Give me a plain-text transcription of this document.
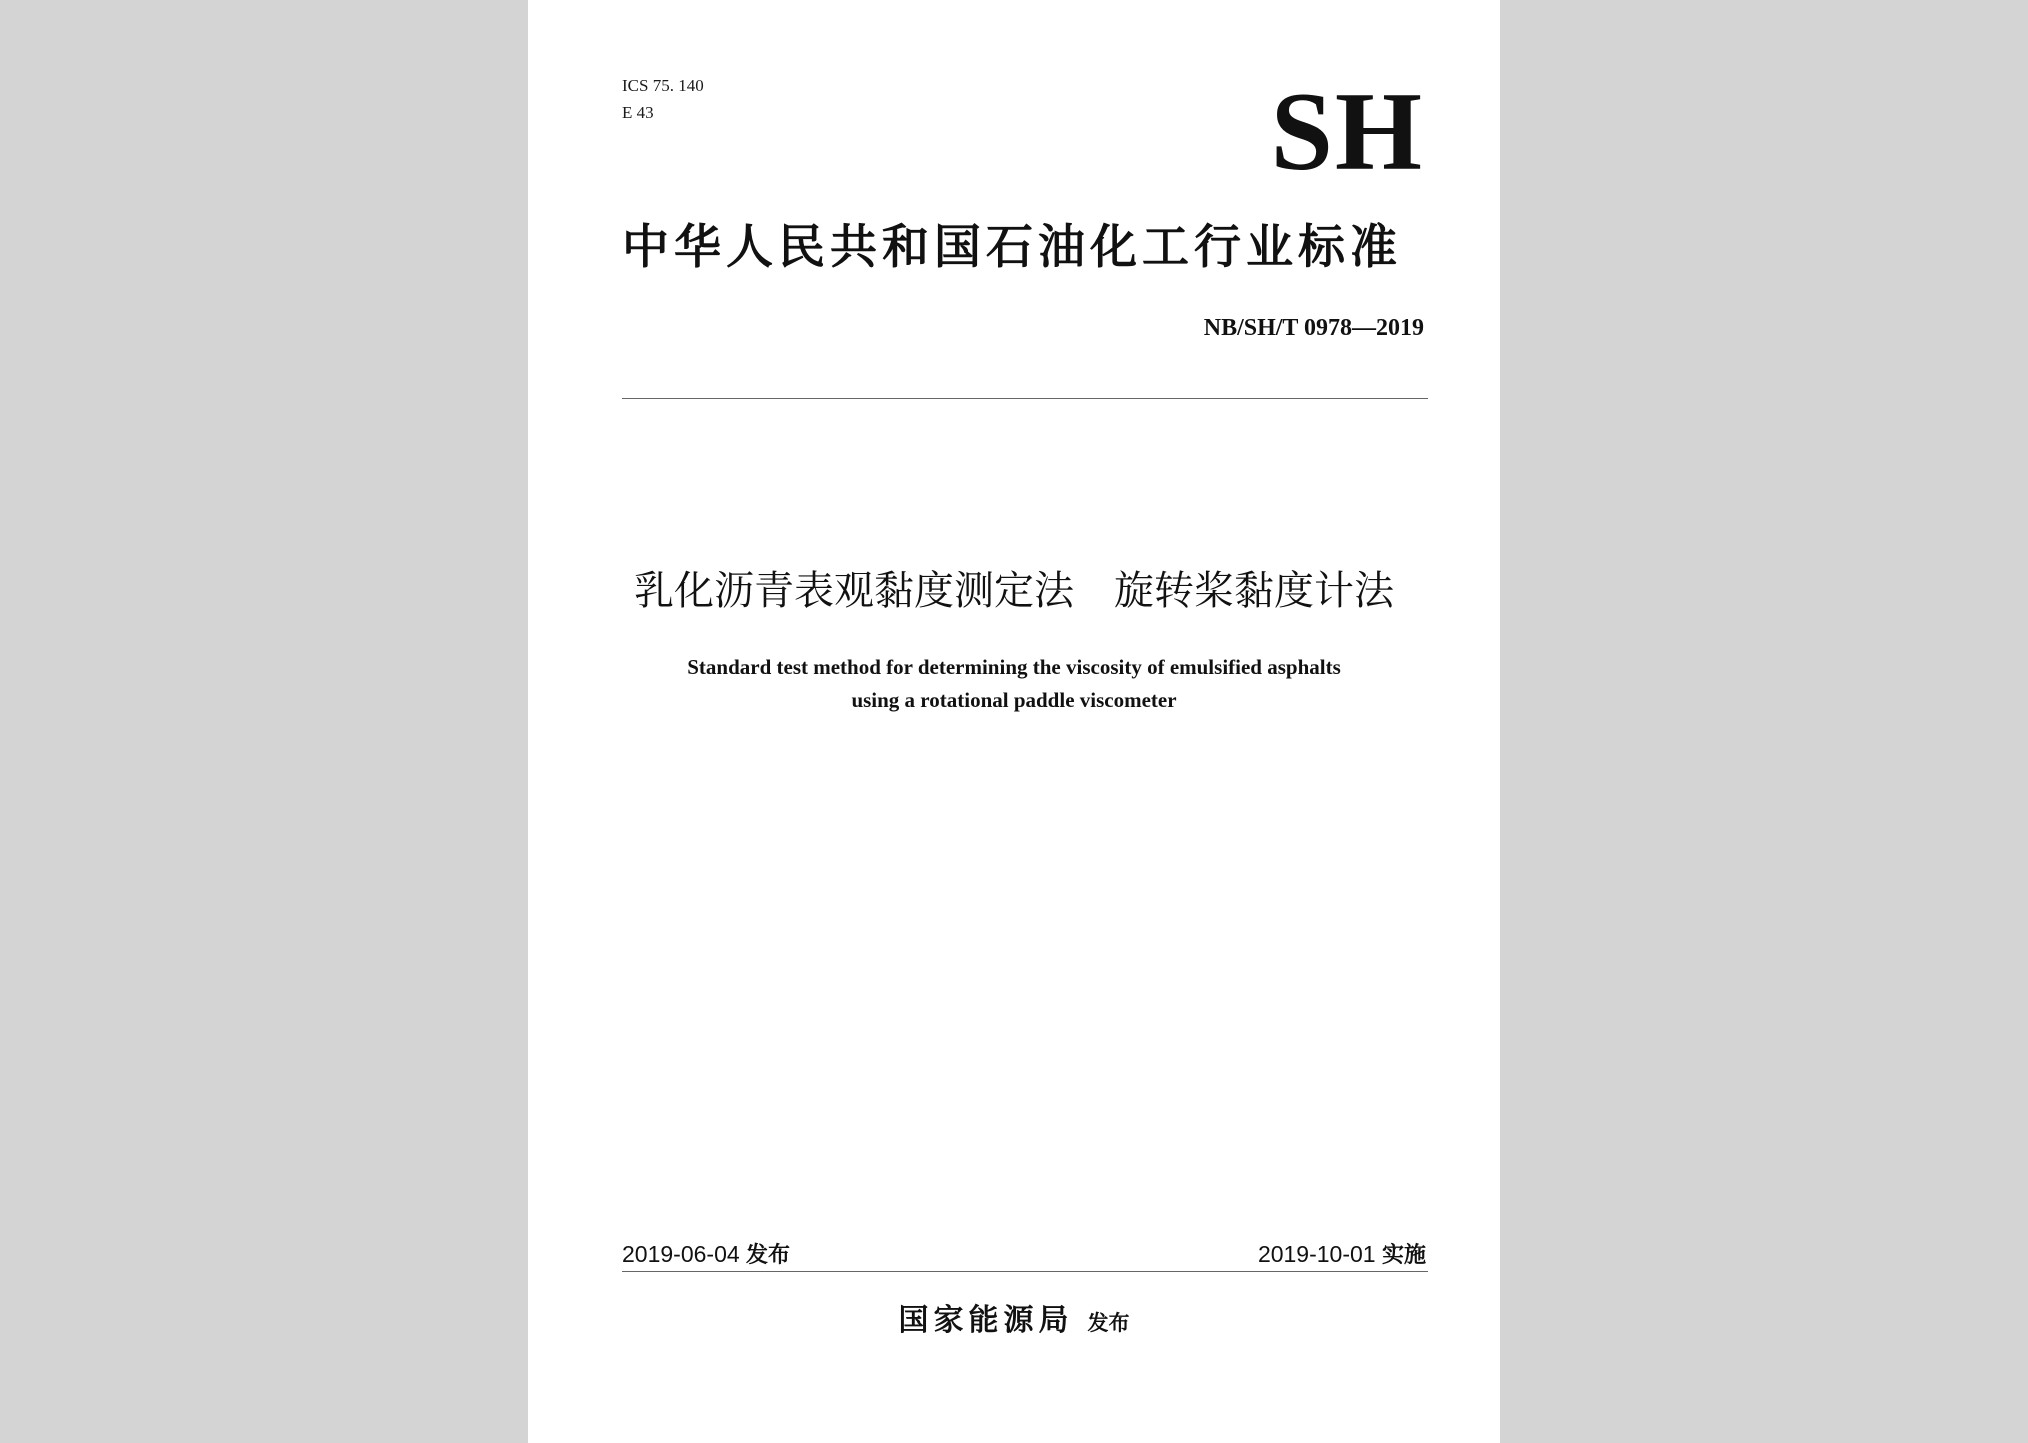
ICS 75. 140
E 43	SH
中华人民共和国石油化工行业标准
NB/SH/T 0978—2019
乳化沥青表观黏度测定法　旋转桨黏度计法
Standard test method for determining the viscosity of emulsified asphalts
using a rotational paddle viscometer
2019-06-04 发布	2019-10-01 实施
国家能源局 发布
